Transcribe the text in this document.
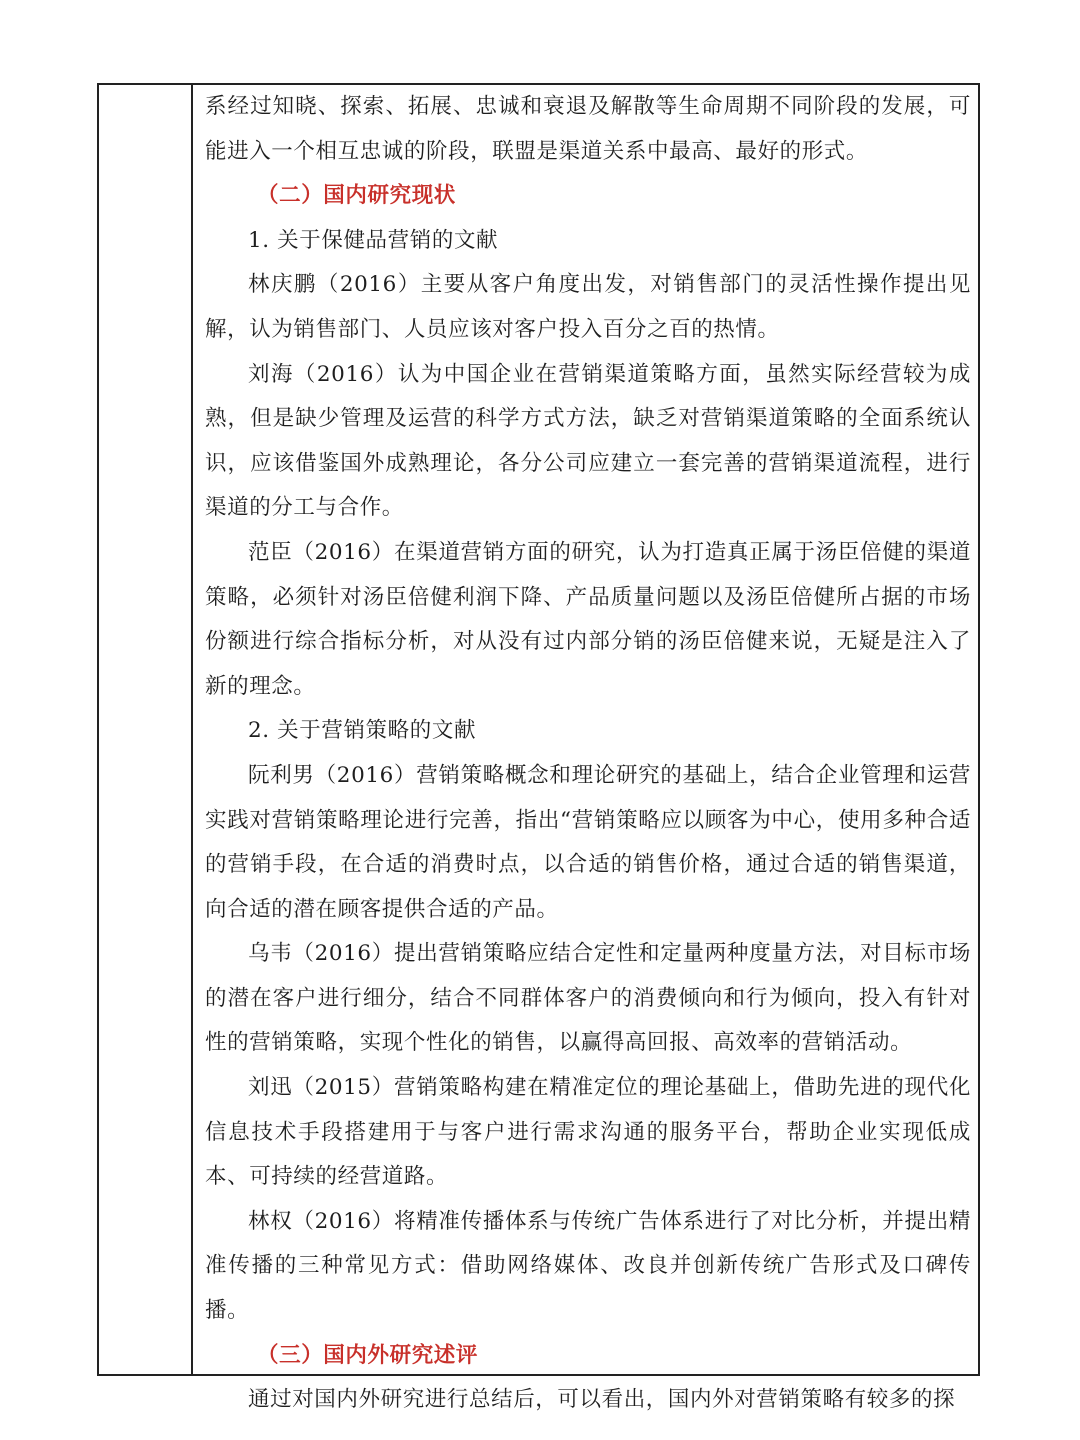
系经过知晓、探索、拓展、忠诚和衰退及解散等生命周期不同阶段的发展，可能进入一个相互忠诚的阶段，联盟是渠道关系中最高、最好的形式。

（二）国内研究现状

1. 关于保健品营销的文献

林庆鹏（2016）主要从客户角度出发，对销售部门的灵活性操作提出见解，认为销售部门、人员应该对客户投入百分之百的热情。

刘海（2016）认为中国企业在营销渠道策略方面，虽然实际经营较为成熟，但是缺少管理及运营的科学方式方法，缺乏对营销渠道策略的全面系统认识，应该借鉴国外成熟理论，各分公司应建立一套完善的营销渠道流程，进行渠道的分工与合作。

范臣（2016）在渠道营销方面的研究，认为打造真正属于汤臣倍健的渠道策略，必须针对汤臣倍健利润下降、产品质量问题以及汤臣倍健所占据的市场份额进行综合指标分析，对从没有过内部分销的汤臣倍健来说，无疑是注入了新的理念。

2. 关于营销策略的文献

阮利男（2016）营销策略概念和理论研究的基础上，结合企业管理和运营实践对营销策略理论进行完善，指出“营销策略应以顾客为中心，使用多种合适的营销手段，在合适的消费时点，以合适的销售价格，通过合适的销售渠道，向合适的潜在顾客提供合适的产品。

乌韦（2016）提出营销策略应结合定性和定量两种度量方法，对目标市场的潜在客户进行细分，结合不同群体客户的消费倾向和行为倾向，投入有针对性的营销策略，实现个性化的销售，以赢得高回报、高效率的营销活动。

刘迅（2015）营销策略构建在精准定位的理论基础上，借助先进的现代化信息技术手段搭建用于与客户进行需求沟通的服务平台，帮助企业实现低成本、可持续的经营道路。

林权（2016）将精准传播体系与传统广告体系进行了对比分析，并提出精准传播的三种常见方式：借助网络媒体、改良并创新传统广告形式及口碑传播。

（三）国内外研究述评

通过对国内外研究进行总结后，可以看出，国内外对营销策略有较多的探
